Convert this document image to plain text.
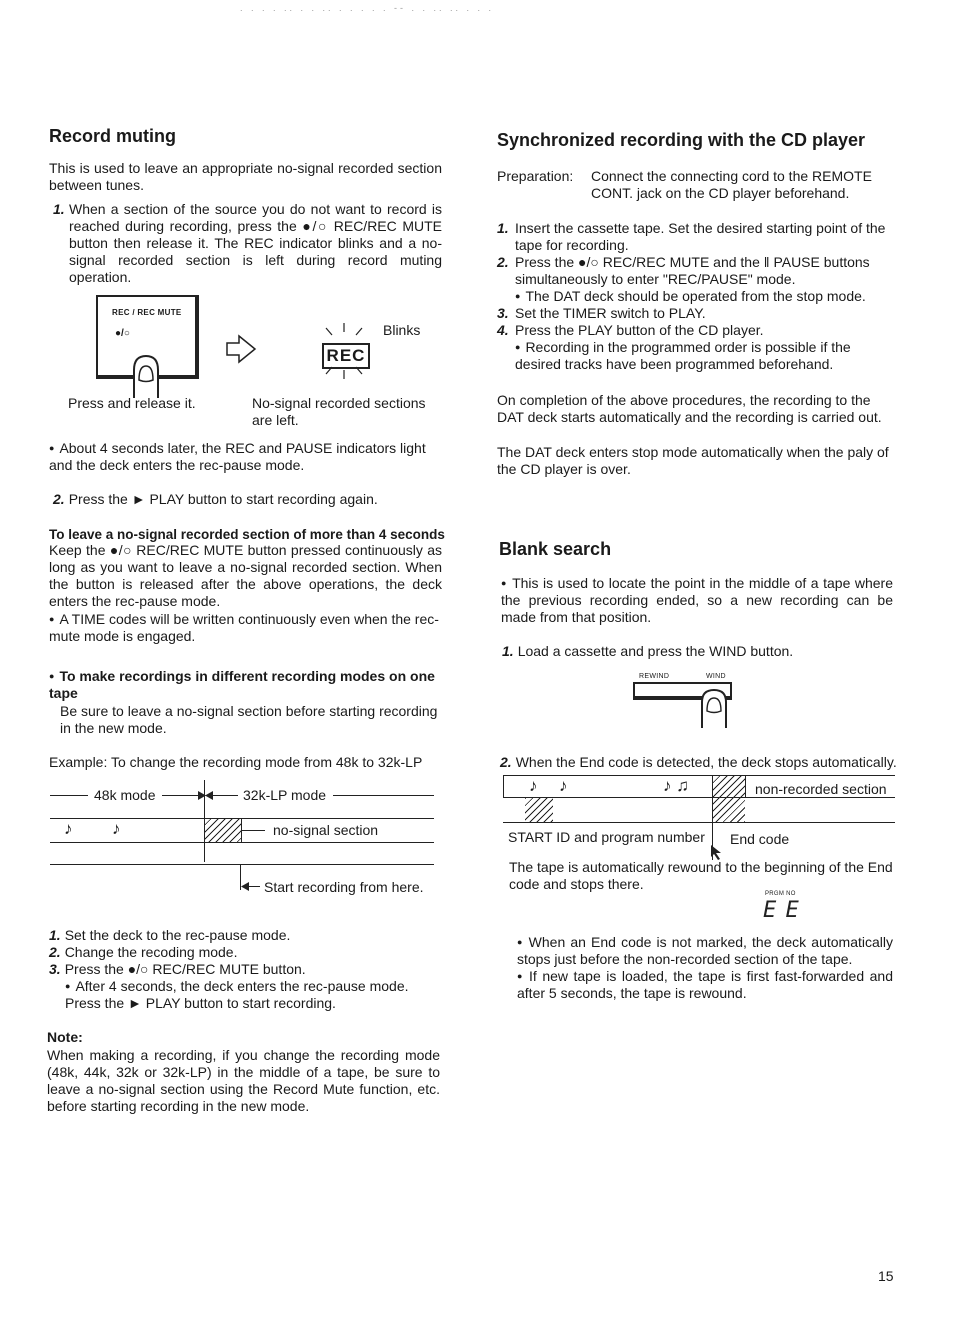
. . . . .. . . .. . . . . . -- . . .. .. . . .
Record muting

This is used to leave an appropriate no-signal recorded section between tunes.

1. When a section of the source you do not want to record is reached during recording, press the ●/○ REC/REC MUTE button then release it. The REC indicator blinks and a no-signal recorded section is left during record muting operation.

REC / REC MUTE
●/○
REC
Blinks
Press and release it.	No-signal recorded sections are left.

● About 4 seconds later, the REC and PAUSE indicators light and the deck enters the rec-pause mode.

2. Press the ► PLAY button to start recording again.

To leave a no-signal recorded section of more than 4 seconds

Keep the ●/○ REC/REC MUTE button pressed continuously as long as you want to leave a no-signal recorded section. When the button is released after the above operations, the deck enters the rec-pause mode.

● A TIME codes will be written continuously even when the rec-mute mode is engaged.

● To make recordings in different recording modes on one tape

Be sure to leave a no-signal section before starting recording in the new mode.

Example: To change the recording mode from 48k to 32k-LP

48k mode	32k-LP mode
♪ ♪	no-signal section
Start recording from here.
1. Set the deck to the rec-pause mode.
2. Change the recoding mode.
3. Press the ●/○ REC/REC MUTE button.

● After 4 seconds, the deck enters the rec-pause mode. Press the ► PLAY button to start recording.

Note:

When making a recording, if you change the recording mode (48k, 44k, 32k or 32k-LP) in the middle of a tape, be sure to leave a no-signal section using the Record Mute function, etc. before starting recording in the new mode.

Synchronized recording with the CD player
Preparation: Connect the connecting cord to the REMOTE CONT. jack on the CD player beforehand.

1. Insert the cassette tape. Set the desired starting point of the tape for recording.

2. Press the ●/○ REC/REC MUTE and the ‖ PAUSE buttons simultaneously to enter "REC/PAUSE" mode.

● The DAT deck should be operated from the stop mode.

3. Set the TIMER switch to PLAY.

4. Press the PLAY button of the CD player.

● Recording in the programmed order is possible if the desired tracks have been programmed beforehand.

On completion of the above procedures, the recording to the DAT deck starts automatically and the recording is carried out.

The DAT deck enters stop mode automatically when the paly of the CD player is over.

Blank search

● This is used to locate the point in the middle of a tape where the previous recording ended, so a new recording can be made from that position.

1. Load a cassette and press the WIND button.
REWIND	WIND
2. When the End code is detected, the deck stops automatically.
♪ ♪	♪ ♫	non-recorded section
START ID and program number End code

The tape is automatically rewound to the beginning of the End code and stops there.

PRGM NO
E E

● When an End code is not marked, the deck automatically stops just before the non-recorded section of the tape.

● If new tape is loaded, the tape is first fast-forwarded and after 5 seconds, the tape is rewound.

15
